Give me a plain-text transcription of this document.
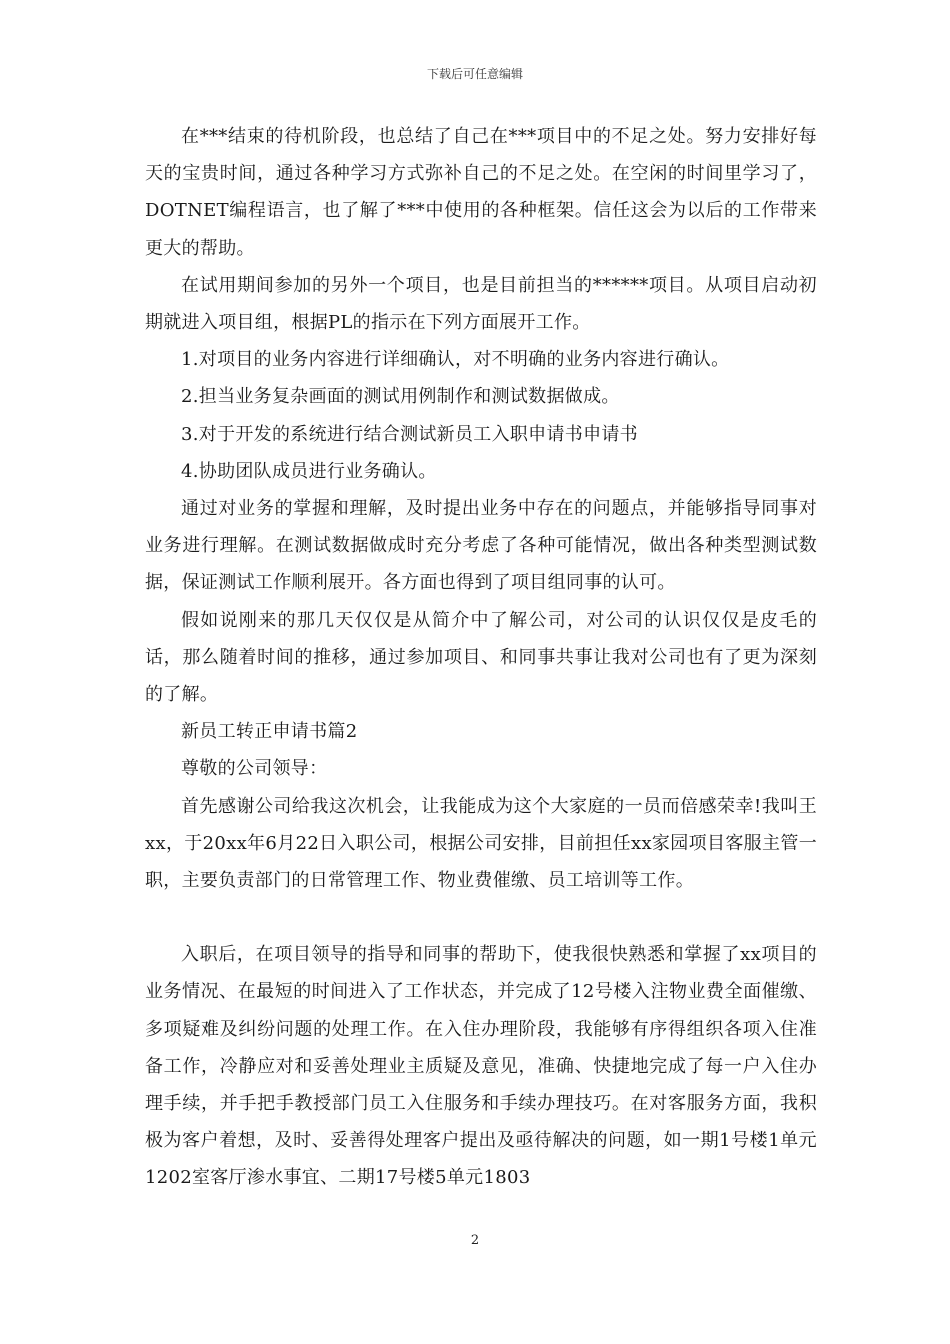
下载后可任意编辑

在***结束的待机阶段，也总结了自己在***项目中的不足之处。努力安排好每天的宝贵时间，通过各种学习方式弥补自己的不足之处。在空闲的时间里学习了，DOTNET编程语言，也了解了***中使用的各种框架。信任这会为以后的工作带来更大的帮助。

在试用期间参加的另外一个项目，也是目前担当的******项目。从项目启动初期就进入项目组，根据PL的指示在下列方面展开工作。

1.对项目的业务内容进行详细确认，对不明确的业务内容进行确认。

2.担当业务复杂画面的测试用例制作和测试数据做成。

3.对于开发的系统进行结合测试新员工入职申请书申请书

4.协助团队成员进行业务确认。

通过对业务的掌握和理解，及时提出业务中存在的问题点，并能够指导同事对业务进行理解。在测试数据做成时充分考虑了各种可能情况，做出各种类型测试数据，保证测试工作顺利展开。各方面也得到了项目组同事的认可。

假如说刚来的那几天仅仅是从简介中了解公司，对公司的认识仅仅是皮毛的话，那么随着时间的推移，通过参加项目、和同事共事让我对公司也有了更为深刻的了解。

新员工转正申请书篇2

尊敬的公司领导：

首先感谢公司给我这次机会，让我能成为这个大家庭的一员而倍感荣幸!我叫王xx，于20xx年6月22日入职公司，根据公司安排，目前担任xx家园项目客服主管一职，主要负责部门的日常管理工作、物业费催缴、员工培训等工作。

入职后，在项目领导的指导和同事的帮助下，使我很快熟悉和掌握了xx项目的业务情况、在最短的时间进入了工作状态，并完成了12号楼入注物业费全面催缴、多项疑难及纠纷问题的处理工作。在入住办理阶段，我能够有序得组织各项入住准备工作，冷静应对和妥善处理业主质疑及意见，准确、快捷地完成了每一户入住办理手续，并手把手教授部门员工入住服务和手续办理技巧。在对客服务方面，我积极为客户着想，及时、妥善得处理客户提出及亟待解决的问题，如一期1号楼1单元1202室客厅渗水事宜、二期17号楼5单元1803

2
